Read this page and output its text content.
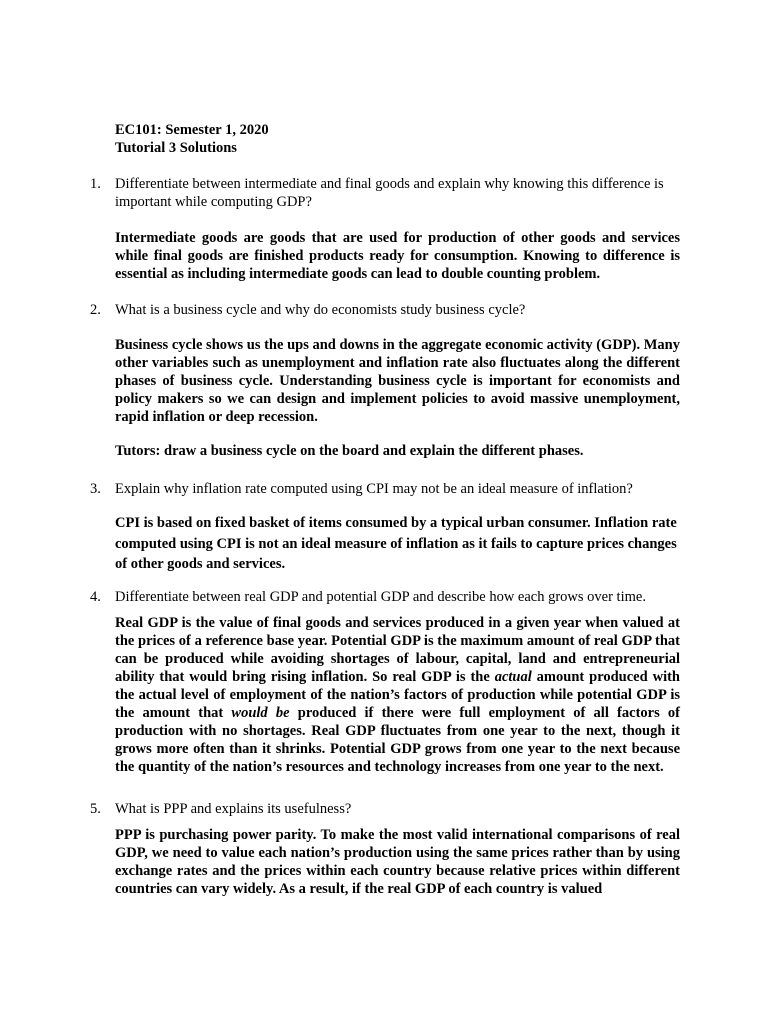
EC101: Semester 1, 2020
Tutorial 3 Solutions
1. Differentiate between intermediate and final goods and explain why knowing this difference is important while computing GDP?
Intermediate goods are goods that are used for production of other goods and services while final goods are finished products ready for consumption. Knowing to difference is essential as including intermediate goods can lead to double counting problem.
2. What is a business cycle and why do economists study business cycle?
Business cycle shows us the ups and downs in the aggregate economic activity (GDP). Many other variables such as unemployment and inflation rate also fluctuates along the different phases of business cycle. Understanding business cycle is important for economists and policy makers so we can design and implement policies to avoid massive unemployment, rapid inflation or deep recession.
Tutors: draw a business cycle on the board and explain the different phases.
3. Explain why inflation rate computed using CPI may not be an ideal measure of inflation?
CPI is based on fixed basket of items consumed by a typical urban consumer. Inflation rate computed using CPI is not an ideal measure of inflation as it fails to capture prices changes of other goods and services.
4. Differentiate between real GDP and potential GDP and describe how each grows over time.
Real GDP is the value of final goods and services produced in a given year when valued at the prices of a reference base year. Potential GDP is the maximum amount of real GDP that can be produced while avoiding shortages of labour, capital, land and entrepreneurial ability that would bring rising inflation. So real GDP is the actual amount produced with the actual level of employment of the nation’s factors of production while potential GDP is the amount that would be produced if there were full employment of all factors of production with no shortages. Real GDP fluctuates from one year to the next, though it grows more often than it shrinks. Potential GDP grows from one year to the next because the quantity of the nation’s resources and technology increases from one year to the next.
5. What is PPP and explains its usefulness?
PPP is purchasing power parity. To make the most valid international comparisons of real GDP, we need to value each nation’s production using the same prices rather than by using exchange rates and the prices within each country because relative prices within different countries can vary widely. As a result, if the real GDP of each country is valued
